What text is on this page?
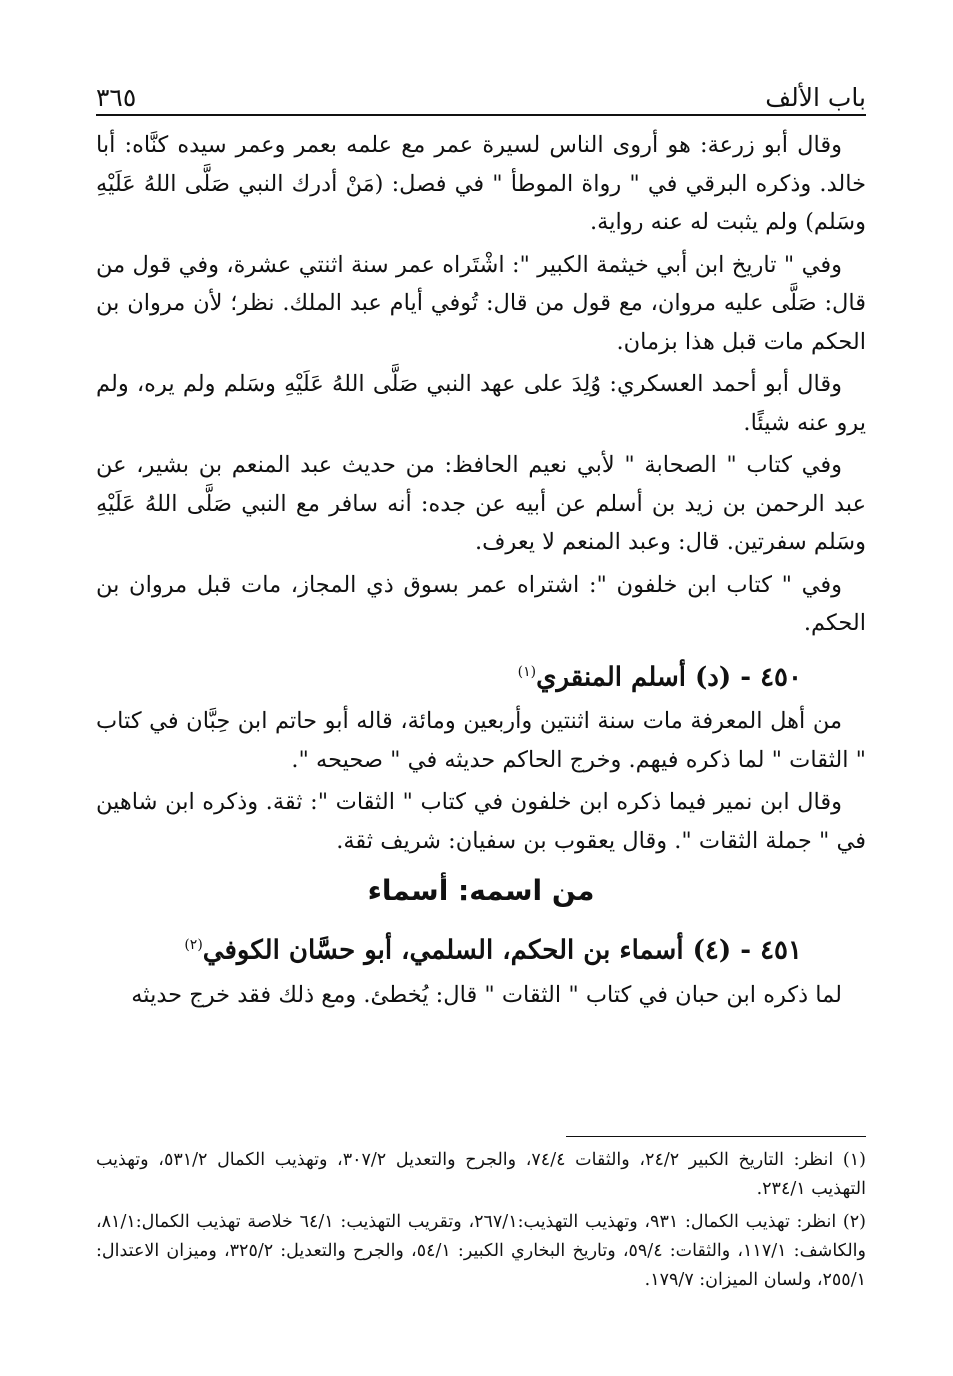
٣٦٥	باب الألف

وقال أبو زرعة: هو أروى الناس لسيرة عمر مع علمه بعمر وعمر سيده كنَّاه: أبا خالد. وذكره البرقي في " رواة الموطأ " في فصل: (مَنْ أدرك النبي صَلَّى اللهُ عَلَيْهِ وسَلم) ولم يثبت له عنه رواية.

وفي " تاريخ ابن أبي خيثمة الكبير ": اشْتَراه عمر سنة اثنتي عشرة، وفي قول من قال: صَلَّى عليه مروان، مع قول من قال: تُوفي أيام عبد الملك. نظر؛ لأن مروان بن الحكم مات قبل هذا بزمان.

وقال أبو أحمد العسكري: وُلِدَ على عهد النبي صَلَّى اللهُ عَلَيْهِ وسَلم ولم يره، ولم يرو عنه شيئًا.

وفي كتاب " الصحابة " لأبي نعيم الحافظ: من حديث عبد المنعم بن بشير، عن عبد الرحمن بن زيد بن أسلم عن أبيه عن جده: أنه سافر مع النبي صَلَّى اللهُ عَلَيْهِ وسَلم سفرتين. قال: وعبد المنعم لا يعرف.

وفي " كتاب ابن خلفون ": اشتراه عمر بسوق ذي المجاز، مات قبل مروان بن الحكم.

٤٥٠ - (د) أسلم المنقري$^{(١)}$

من أهل المعرفة مات سنة اثنتين وأربعين ومائة، قاله أبو حاتم ابن حِبَّان في كتاب " الثقات " لما ذكره فيهم. وخرج الحاكم حديثه في " صحيحه ".

وقال ابن نمير فيما ذكره ابن خلفون في كتاب " الثقات ": ثقة. وذكره ابن شاهين في " جملة الثقات ". وقال يعقوب بن سفيان: شريف ثقة.

من اسمه: أسماء
٤٥١ - (٤) أسماء بن الحكم، السلمي، أبو حسَّان الكوفي$^{(٢)}$

لما ذكره ابن حبان في كتاب " الثقات " قال: يُخطئ. ومع ذلك فقد خرج حديثه

(١) انظر: التاريخ الكبير ٢٤/٢، والثقات ٧٤/٤، والجرح والتعديل ٣٠٧/٢، وتهذيب الكمال ٥٣١/٢، وتهذيب التهذيب ٢٣٤/١.

(٢) انظر: تهذيب الكمال: ٩٣١، وتهذيب التهذيب:٢٦٧/١، وتقريب التهذيب: ٦٤/١ خلاصة تهذيب الكمال:٨١/١، والكاشف: ١١٧/١، والثقات: ٥٩/٤، وتاريخ البخاري الكبير: ٥٤/١، والجرح والتعديل: ٣٢٥/٢، وميزان الاعتدال: ٢٥٥/١، ولسان الميزان: ١٧٩/٧.
